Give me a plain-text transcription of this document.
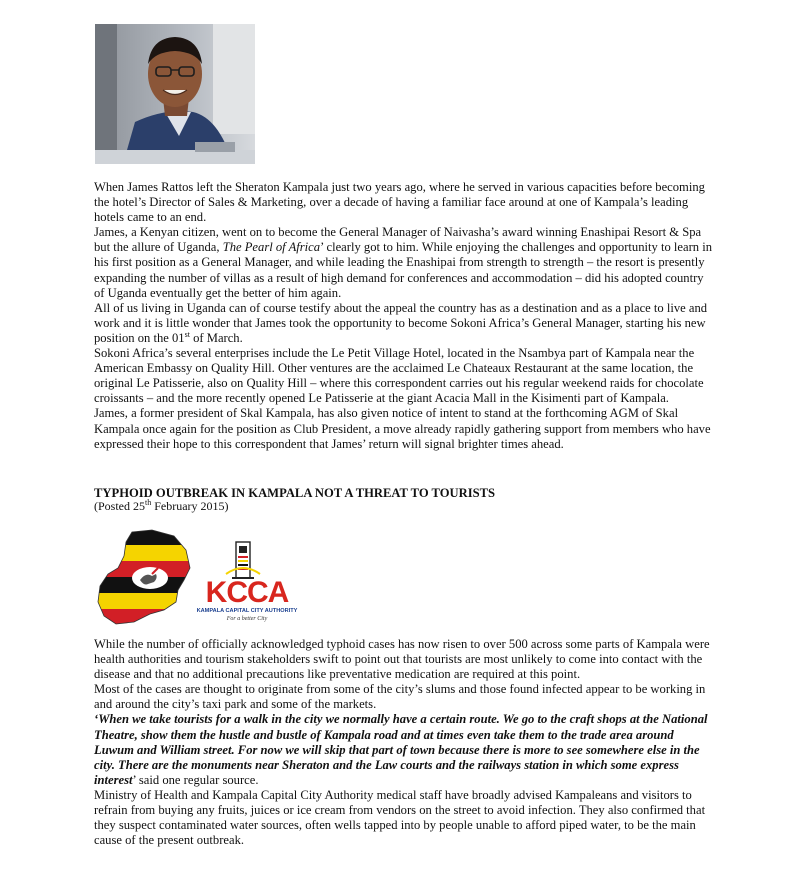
When James Rattos left the Sheraton Kampala just two years ago, where he served in various capacities before becoming the hotel’s Director of Sales & Marketing, over a decade of having a familiar face around at one of Kampala’s leading hotels came to an end.

James, a Kenyan citizen, went on to become the General Manager of Naivasha’s award winning Enashipai Resort & Spa but the allure of Uganda, The Pearl of Africa’ clearly got to him. While enjoying the challenges and opportunity to learn in his first position as a General Manager, and while leading the Enashipai from strength to strength – the resort is presently expanding the number of villas as a result of high demand for conferences and accommodation – did his adopted country of Uganda eventually get the better of him again.

All of us living in Uganda can of course testify about the appeal the country has as a destination and as a place to live and work and it is little wonder that James took the opportunity to become Sokoni Africa’s General Manager, starting his new position on the 01st of March.

Sokoni Africa’s several enterprises include the Le Petit Village Hotel, located in the Nsambya part of Kampala near the American Embassy on Quality Hill. Other ventures are the acclaimed Le Chateaux Restaurant at the same location, the original Le Patisserie, also on Quality Hill – where this correspondent carries out his regular weekend raids for chocolate croissants – and the more recently opened Le Patisserie at the giant Acacia Mall in the Kisimenti part of Kampala.

James, a former president of Skal Kampala, has also given notice of intent to stand at the forthcoming AGM of Skal Kampala once again for the position as Club President, a move already rapidly gathering support from members who have expressed their hope to this correspondent that James’ return will signal brighter times ahead.

TYPHOID OUTBREAK IN KAMPALA NOT A THREAT TO TOURISTS
(Posted 25th February 2015)
KCCA
KAMPALA CAPITAL CITY AUTHORITY
For a better City

While the number of officially acknowledged typhoid cases has now risen to over 500 across some parts of Kampala were health authorities and tourism stakeholders swift to point out that tourists are most unlikely to come into contact with the disease and that no additional precautions like preventative medication are required at this point.

Most of the cases are thought to originate from some of the city’s slums and those found infected appear to be working in and around the city’s taxi park and some of the markets.

‘When we take tourists for a walk in the city we normally have a certain route. We go to the craft shops at the National Theatre, show them the hustle and bustle of Kampala road and at times even take them to the trade area around Luwum and William street. For now we will skip that part of town because there is more to see somewhere else in the city. There are the monuments near Sheraton and the Law courts and the railways station in which some express interest’ said one regular source.

Ministry of Health and Kampala Capital City Authority medical staff have broadly advised Kampaleans and visitors to refrain from buying any fruits, juices or ice cream from vendors on the street to avoid infection. They also confirmed that they suspect contaminated water sources, often wells tapped into by people unable to afford piped water, to be the main cause of the present outbreak.
